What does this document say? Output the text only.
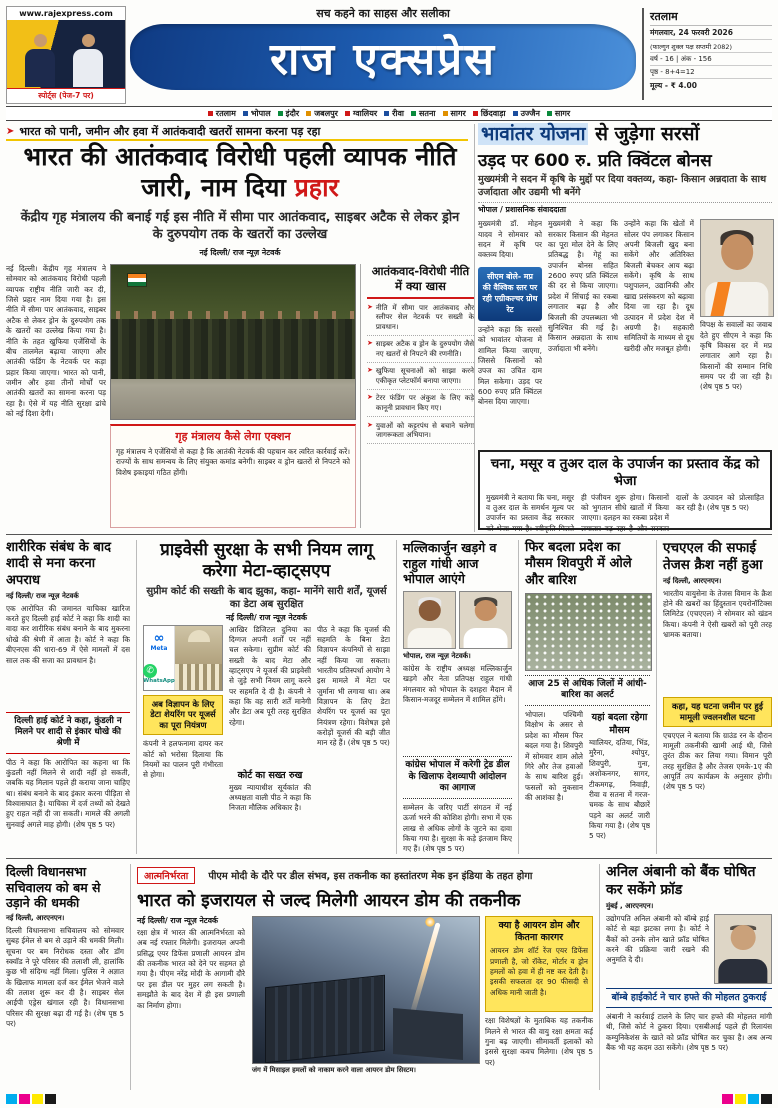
www.rajexpress.com
स्पोर्ट्स (पेज-7 पर)
सच कहने का साहस और सलीका
राज एक्सप्रेस
रतलाम
मंगलवार, 24 फरवरी 2026
(फाल्गुन शुक्ल पक्ष सप्तमी 2082)
वर्ष - 16 | अंक - 156
पृष्ठ - 8+4=12
मूल्य - ₹ 4.00
रतलाम भोपाल इंदौर जबलपुर ग्वालियर रीवा सतना सागर छिंदवाड़ा उज्जैन सागर
➤ भारत को पानी, जमीन और हवा में आतंकवादी खतरों सामना करना पड़ रहा
भारत की आतंकवाद विरोधी पहली व्यापक नीति जारी, नाम दिया प्रहार
केंद्रीय गृह मंत्रालय की बनाई गई इस नीति में सीमा पार आतंकवाद, साइबर अटैक से लेकर ड्रोन के दुरुपयोग तक के खतरों का उल्लेख
नई दिल्ली/ राज न्यूज़ नेटवर्क
नई दिल्ली। केंद्रीय गृह मंत्रालय ने सोमवार को आतंकवाद विरोधी पहली व्यापक राष्ट्रीय नीति जारी कर दी, जिसे प्रहार नाम दिया गया है। इस नीति में सीमा पार आतंकवाद, साइबर अटैक से लेकर ड्रोन के दुरुपयोग तक के खतरों का उल्लेख किया गया है। नीति के तहत खुफिया एजेंसियों के बीच तालमेल बढ़ाया जाएगा और आतंकी फंडिंग के नेटवर्क पर कड़ा प्रहार किया जाएगा। भारत को पानी, जमीन और हवा तीनों मोर्चों पर आतंकी खतरों का सामना करना पड़ रहा है। ऐसे में यह नीति सुरक्षा ढांचे को नई दिशा देगी।
गृह मंत्रालय कैसे लेगा एक्शन
गृह मंत्रालय ने एजेंसियों से कहा है कि आतंकी नेटवर्क की पहचान कर त्वरित कार्रवाई करें। राज्यों के साथ समन्वय के लिए संयुक्त कमांड बनेगी। साइबर व ड्रोन खतरों से निपटने को विशेष इकाइयां गठित होंगी।
आतंकवाद-विरोधी नीति में क्या खास
➤ नीति में सीमा पार आतंकवाद और स्लीपर सेल नेटवर्क पर सख्ती के प्रावधान।
➤ साइबर अटैक व ड्रोन के दुरुपयोग जैसे नए खतरों से निपटने की रणनीति।
➤ खुफिया सूचनाओं को साझा करने एकीकृत प्लेटफॉर्म बनाया जाएगा।
➤ टेरर फंडिंग पर अंकुश के लिए कड़े कानूनी प्रावधान किए गए।
➤ युवाओं को कट्टरपंथ से बचाने चलेगा जागरूकता अभियान।
भावांतर योजना से जुड़ेगा सरसों
उड़द पर 600 रु. प्रति क्विंटल बोनस
मुख्यमंत्री ने सदन में कृषि के मुद्दों पर दिया वक्तव्य, कहा- किसान अन्नदाता के साथ उर्जादाता और उद्यमी भी बनेंगे
भोपाल / प्रशासनिक संवाददाता
मुख्यमंत्री डॉ. मोहन यादव ने सोमवार को सदन में कृषि पर वक्तव्य दिया।
सीएम बोले- मप्र की वैश्विक स्तर पर रही एग्रीकल्चर ग्रोथ रेट
उन्होंने कहा कि सरसों को भावांतर योजना में शामिल किया जाएगा, जिससे किसानों को उपज का उचित दाम मिल सकेगा। उड़द पर 600 रुपए प्रति क्विंटल बोनस दिया जाएगा।
मुख्यमंत्री ने कहा कि सरकार किसान की मेहनत का पूरा मोल देने के लिए प्रतिबद्ध है। गेहूं का उपार्जन बोनस सहित 2600 रुपए प्रति क्विंटल की दर से किया जाएगा। प्रदेश में सिंचाई का रकबा लगातार बढ़ा है और बिजली की उपलब्धता भी सुनिश्चित की गई है। किसान अन्नदाता के साथ उर्जादाता भी बनेंगे।
उन्होंने कहा कि खेतों में सोलर पंप लगाकर किसान अपनी बिजली खुद बना सकेंगे और अतिरिक्त बिजली बेचकर आय बढ़ा सकेंगे। कृषि के साथ पशुपालन, उद्यानिकी और खाद्य प्रसंस्करण को बढ़ावा दिया जा रहा है। दूध उत्पादन में प्रदेश देश में अग्रणी है। सहकारी समितियों के माध्यम से दूध खरीदी और मजबूत होगी।
विपक्ष के सवालों का जवाब देते हुए सीएम ने कहा कि कृषि विकास दर में मप्र लगातार आगे रहा है। किसानों की सम्मान निधि समय पर दी जा रही है। (शेष पृष्ठ 5 पर)
चना, मसूर व तुअर दाल के उपार्जन का प्रस्ताव केंद्र को भेजा
मुख्यमंत्री ने बताया कि चना, मसूर व तुअर दाल के समर्थन मूल्य पर उपार्जन का प्रस्ताव केंद्र सरकार को भेजा गया है। स्वीकृति मिलते ही पंजीयन शुरू होगा। किसानों को भुगतान सीधे खातों में किया जाएगा। दलहन का रकबा प्रदेश में लगातार बढ़ रहा है और सरकार दालों के उत्पादन को प्रोत्साहित कर रही है। (शेष पृष्ठ 5 पर)
शारीरिक संबंध के बाद शादी से मना करना अपराध
नई दिल्ली/ राज न्यूज़ नेटवर्क
एक आरोपित की जमानत याचिका खारिज करते हुए दिल्ली हाई कोर्ट ने कहा कि शादी का वादा कर शारीरिक संबंध बनाने के बाद मुकरना धोखे की श्रेणी में आता है। कोर्ट ने कहा कि बीएनएस की धारा-69 में ऐसे मामलों में दस साल तक की सजा का प्रावधान है।
दिल्ली हाई कोर्ट ने कहा, कुंडली न मिलने पर शादी से इंकार धोखे की श्रेणी में
पीठ ने कहा कि आरोपित का कहना था कि कुंडली नहीं मिलने से शादी नहीं हो सकती, जबकि यह मिलान पहले ही कराया जाना चाहिए था। संबंध बनाने के बाद इंकार करना पीड़िता से विश्वासघात है। याचिका में दर्ज तथ्यों को देखते हुए राहत नहीं दी जा सकती। मामले की अगली सुनवाई अगले माह होगी। (शेष पृष्ठ 5 पर)
प्राइवेसी सुरक्षा के सभी नियम लागू करेगा मेटा-व्हाट्सएप
सुप्रीम कोर्ट की सख्ती के बाद झुका, कहा- मानेंगे सारी शर्तें, यूजर्स का डेटा अब सुरक्षित
नई दिल्ली/ राज न्यूज़ नेटवर्क
∞
Meta
✆
WhatsApp
अब विज्ञापन के लिए डेटा शेयरिंग पर यूजर्स का पूरा नियंत्रण
कंपनी ने हलफनामा दायर कर कोर्ट को भरोसा दिलाया कि नियमों का पालन पूरी गंभीरता से होगा।
आखिर डिजिटल दुनिया का दिग्गज अपनी शर्तों पर नहीं चल सकेगा। सुप्रीम कोर्ट की सख्ती के बाद मेटा और व्हाट्सएप ने यूजर्स की प्राइवेसी से जुड़े सभी नियम लागू करने पर सहमति दे दी है। कंपनी ने कहा कि वह सारी शर्तें मानेगी और डेटा अब पूरी तरह सुरक्षित रहेगा।
कोर्ट का सख्त रुख
मुख्य न्यायाधीश सूर्यकांत की अध्यक्षता वाली पीठ ने कहा कि निजता मौलिक अधिकार है।
पीठ ने कहा कि यूजर्स की सहमति के बिना डेटा विज्ञापन कंपनियों से साझा नहीं किया जा सकता। भारतीय प्रतिस्पर्धा आयोग ने इस मामले में मेटा पर जुर्माना भी लगाया था। अब विज्ञापन के लिए डेटा शेयरिंग पर यूजर्स का पूरा नियंत्रण रहेगा। विशेषज्ञ इसे करोड़ों यूजर्स की बड़ी जीत मान रहे हैं। (शेष पृष्ठ 5 पर)
मल्लिकार्जुन खड़गे व राहुल गांधी आज भोपाल आएंगे
भोपाल, राज न्यूज़ नेटवर्क।
कांग्रेस के राष्ट्रीय अध्यक्ष मल्लिकार्जुन खड़गे और नेता प्रतिपक्ष राहुल गांधी मंगलवार को भोपाल के दशहरा मैदान में किसान-मजदूर सम्मेलन में शामिल होंगे।
कांग्रेस भोपाल में करेगी ट्रेड डील के खिलाफ देशव्यापी आंदोलन का आगाज
सम्मेलन के जरिए पार्टी संगठन में नई ऊर्जा भरने की कोशिश होगी। सभा में एक लाख से अधिक लोगों के जुटने का दावा किया गया है। सुरक्षा के कड़े इंतजाम किए गए हैं। (शेष पृष्ठ 5 पर)
फिर बदला प्रदेश का मौसम शिवपुरी में ओले और बारिश
आज 25 से अधिक जिलों में आंधी- बारिश का अलर्ट
भोपाल। पश्चिमी विक्षोभ के असर से प्रदेश का मौसम फिर बदल गया है। शिवपुरी में सोमवार शाम ओले गिरे और तेज हवाओं के साथ बारिश हुई। फसलों को नुकसान की आशंका है।
यहां बदला रहेगा मौसम
ग्वालियर, दतिया, भिंड, मुरैना, श्योपुर, शिवपुरी, गुना, अशोकनगर, सागर, टीकमगढ़, निवाड़ी, रीवा व सतना में गरज-चमक के साथ बौछारें पड़ने का अलर्ट जारी किया गया है। (शेष पृष्ठ 5 पर)
एचएएल की सफाई तेजस क्रैश नहीं हुआ
नई दिल्ली, आरएनएन।
भारतीय वायुसेना के तेजस विमान के क्रैश होने की खबरों का हिंदुस्तान एयरोनॉटिक्स लिमिटेड (एचएएल) ने सोमवार को खंडन किया। कंपनी ने ऐसी खबरों को पूरी तरह भ्रामक बताया।
कहा, यह घटना जमीन पर हुई मामूली ज्वलनशील घटना
एचएएल ने बताया कि ग्राउंड रन के दौरान मामूली तकनीकी खामी आई थी, जिसे तुरंत ठीक कर लिया गया। विमान पूरी तरह सुरक्षित है और तेजस एमके-1ए की आपूर्ति तय कार्यक्रम के अनुसार होगी। (शेष पृष्ठ 5 पर)
दिल्ली विधानसभा सचिवालय को बम से उड़ाने की धमकी
नई दिल्ली, आरएनएन।
दिल्ली विधानसभा सचिवालय को सोमवार सुबह ईमेल से बम से उड़ाने की धमकी मिली। सूचना पर बम निरोधक दस्ता और डॉग स्क्वॉड ने पूरे परिसर की तलाशी ली, हालांकि कुछ भी संदिग्ध नहीं मिला। पुलिस ने अज्ञात के खिलाफ मामला दर्ज कर ईमेल भेजने वाले की तलाश शुरू कर दी है। साइबर सेल आईपी एड्रेस खंगाल रही है। विधानसभा परिसर की सुरक्षा बढ़ा दी गई है। (शेष पृष्ठ 5 पर)
आत्मनिर्भरता पीएम मोदी के दौरे पर डील संभव, इस तकनीक का हस्तांतरण मेक इन इंडिया के तहत होगा
भारत को इजरायल से जल्द मिलेगी आयरन डोम की तकनीक
नई दिल्ली/ राज न्यूज़ नेटवर्क
रक्षा क्षेत्र में भारत की आत्मनिर्भरता को अब नई रफ्तार मिलेगी। इजरायल अपनी प्रसिद्ध एयर डिफेंस प्रणाली आयरन डोम की तकनीक भारत को देने पर सहमत हो गया है। पीएम नरेंद्र मोदी के आगामी दौरे पर इस डील पर मुहर लग सकती है। समझौते के बाद देश में ही इस प्रणाली का निर्माण होगा।
जंग में मिसाइल हमलों को नाकाम करने वाला आयरन डोम सिस्टम।
क्या है आयरन डोम और कितना कारगर
आयरन डोम शॉर्ट रेंज एयर डिफेंस प्रणाली है, जो रॉकेट, मोर्टार व ड्रोन हमलों को हवा में ही नष्ट कर देती है। इसकी सफलता दर 90 फीसदी से अधिक मानी जाती है।
रक्षा विशेषज्ञों के मुताबिक यह तकनीक मिलने से भारत की वायु रक्षा क्षमता कई गुना बढ़ जाएगी। सीमावर्ती इलाकों को इससे सुरक्षा कवच मिलेगा। (शेष पृष्ठ 5 पर)
अनिल अंबानी को बैंक घोषित कर सकेंगे फ्रॉड
मुंबई , आरएनएन।
उद्योगपति अनिल अंबानी को बॉम्बे हाई कोर्ट से बड़ा झटका लगा है। कोर्ट ने बैंकों को उनके लोन खाते फ्रॉड घोषित करने की प्रक्रिया जारी रखने की अनुमति दे दी।
बॉम्बे हाईकोर्ट ने चार हफ्ते की मोहलत ठुकराई
अंबानी ने कार्रवाई टालने के लिए चार हफ्ते की मोहलत मांगी थी, जिसे कोर्ट ने ठुकरा दिया। एसबीआई पहले ही रिलायंस कम्युनिकेशंस के खाते को फ्रॉड घोषित कर चुका है। अब अन्य बैंक भी यह कदम उठा सकेंगे। (शेष पृष्ठ 5 पर)
